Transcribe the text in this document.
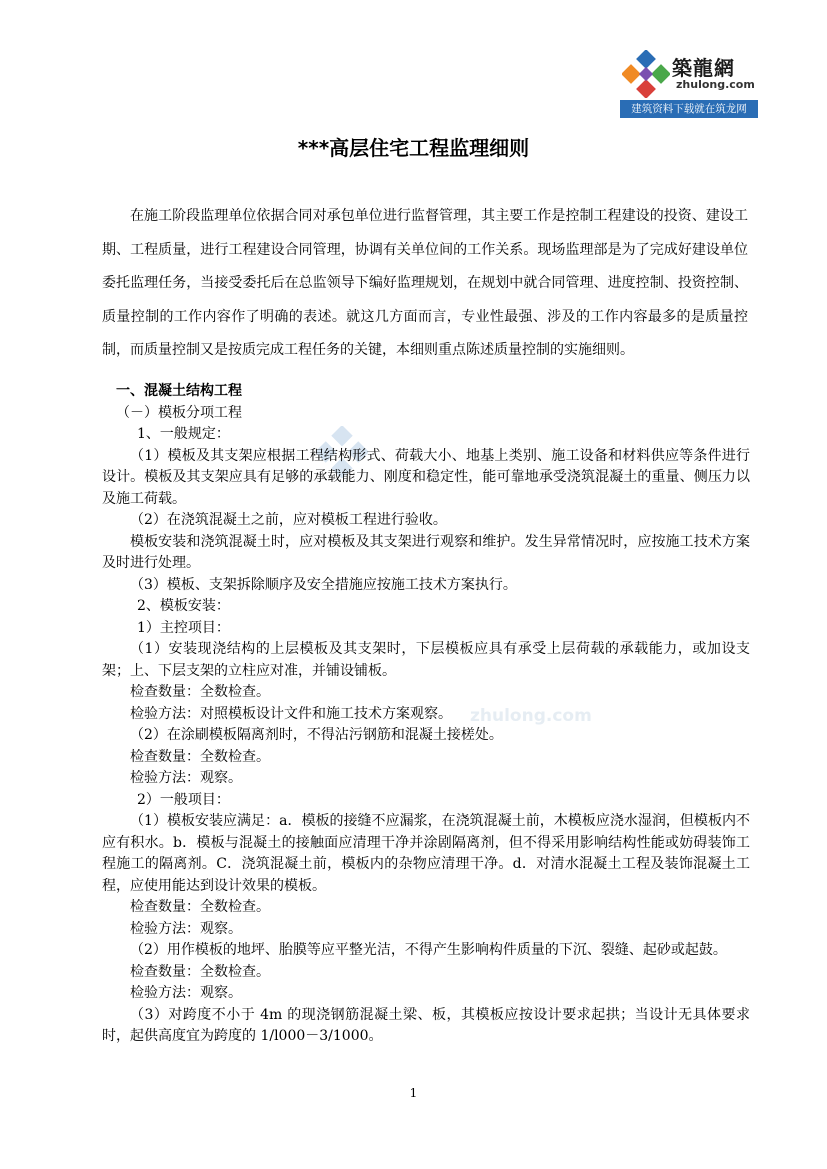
築龍網
zhulong.com
建筑资料下载就在筑龙网
zhulong.com
***高层住宅工程监理细则

在施工阶段监理单位依据合同对承包单位进行监督管理，其主要工作是控制工程建设的投资、建设工期、工程质量，进行工程建设合同管理，协调有关单位间的工作关系。现场监理部是为了完成好建设单位委托监理任务，当接受委托后在总监领导下编好监理规划，在规划中就合同管理、进度控制、投资控制、质量控制的工作内容作了明确的表述。就这几方面而言，专业性最强、涉及的工作内容最多的是质量控制，而质量控制又是按质完成工程任务的关键，本细则重点陈述质量控制的实施细则。

一、混凝土结构工程

（－）模板分项工程

1、一般规定：

（1）模板及其支架应根据工程结构形式、荷载大小、地基上类别、施工设备和材料供应等条件进行设计。模板及其支架应具有足够的承载能力、刚度和稳定性，能可靠地承受浇筑混凝土的重量、侧压力以及施工荷载。

（2）在浇筑混凝土之前，应对模板工程进行验收。

模板安装和浇筑混凝土时，应对模板及其支架进行观察和维护。发生异常情况时，应按施工技术方案及时进行处理。

（3）模板、支架拆除顺序及安全措施应按施工技术方案执行。

2、模板安装：

1）主控项目：

（1）安装现浇结构的上层模板及其支架时，下层模板应具有承受上层荷载的承载能力，或加设支架；上、下层支架的立柱应对准，并铺设铺板。

检查数量：全数检查。

检验方法：对照模板设计文件和施工技术方案观察。

（2）在涂刷模板隔离剂时，不得沾污钢筋和混凝土接槎处。

检查数量：全数检查。

检验方法：观察。

2）一般项目：

（1）模板安装应满足：a．模板的接缝不应漏浆，在浇筑混凝土前，木模板应浇水湿润，但模板内不应有积水。b．模板与混凝土的接触面应清理干净并涂剧隔离剂，但不得采用影响结构性能或妨碍装饰工程施工的隔离剂。C．浇筑混凝土前，模板内的杂物应清理干净。d．对清水混凝土工程及装饰混凝土工程，应使用能达到设计效果的模板。

检查数量：全数检查。

检验方法：观察。

（2）用作模板的地坪、胎膜等应平整光洁，不得产生影响构件质量的下沉、裂缝、起砂或起鼓。

检查数量：全数检查。

检验方法：观察。

（3）对跨度不小于 4m 的现浇钢筋混凝土梁、板，其模板应按设计要求起拱；当设计无具体要求时，起供高度宜为跨度的 1/l000－3/1000。

1
